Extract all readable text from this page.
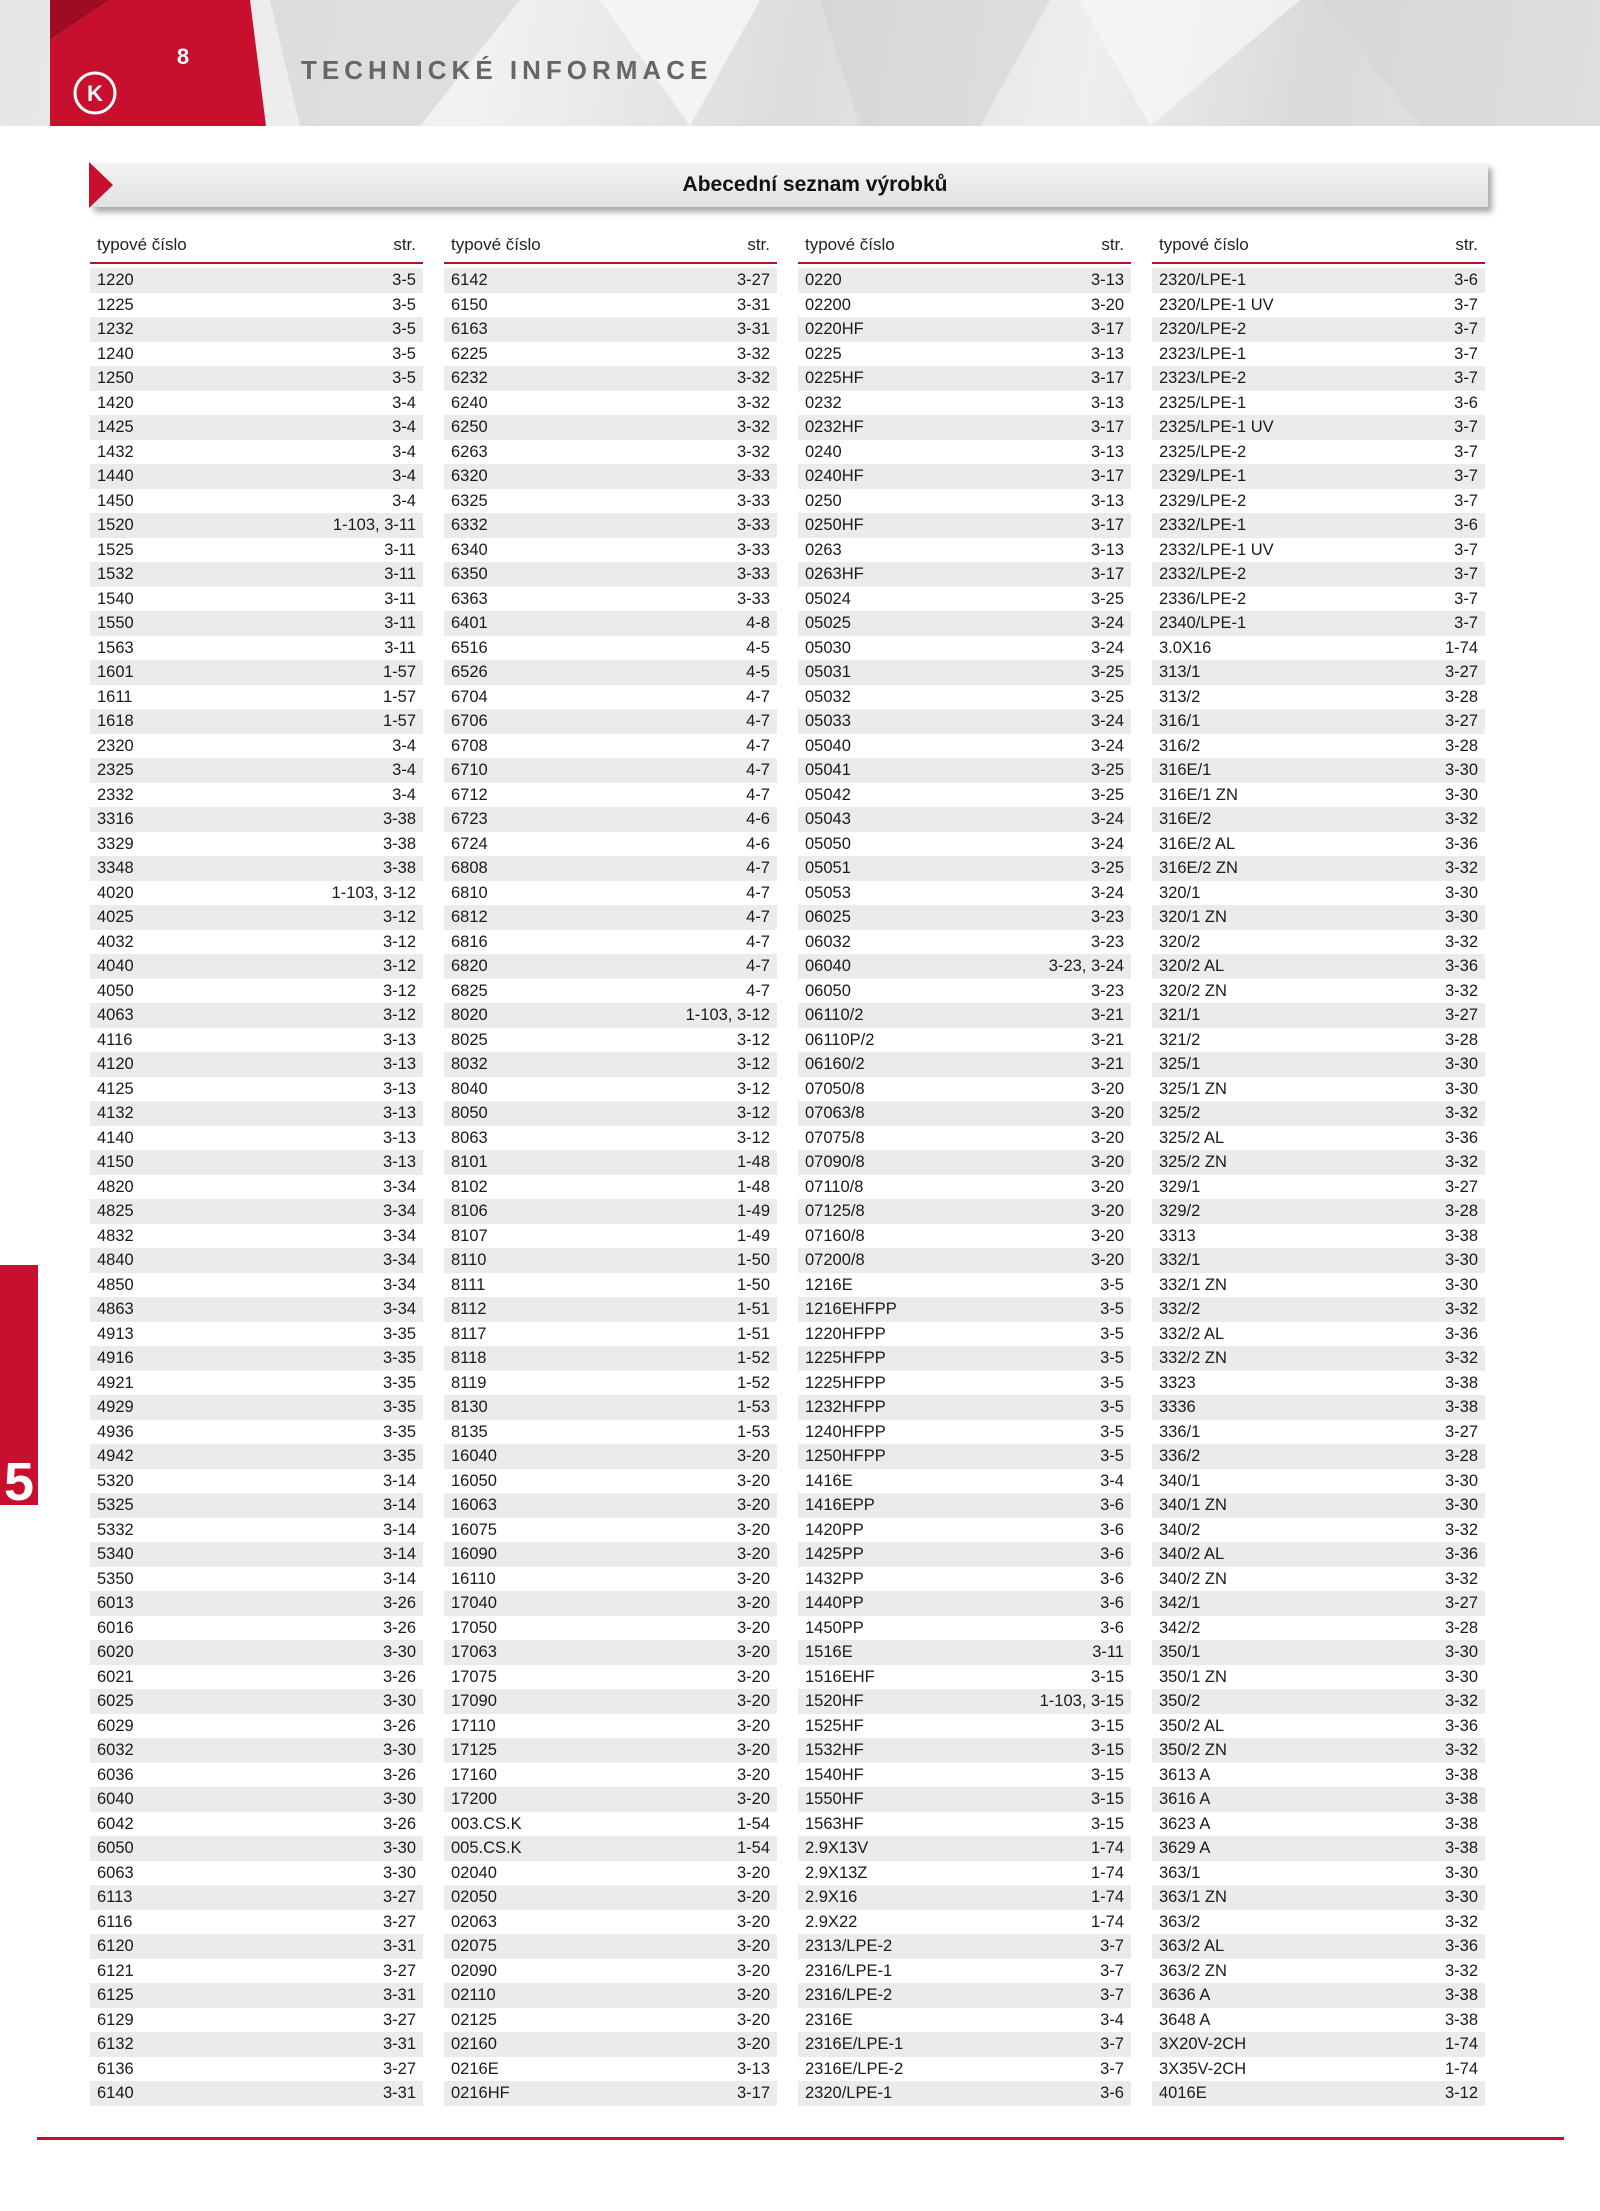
8
K
TECHNICKÉ INFORMACE
Abecední seznam výrobků
typové číslo	str.
1220	3-5
1225	3-5
1232	3-5
1240	3-5
1250	3-5
1420	3-4
1425	3-4
1432	3-4
1440	3-4
1450	3-4
1520	1-103, 3-11
1525	3-11
1532	3-11
1540	3-11
1550	3-11
1563	3-11
1601	1-57
1611	1-57
1618	1-57
2320	3-4
2325	3-4
2332	3-4
3316	3-38
3329	3-38
3348	3-38
4020	1-103, 3-12
4025	3-12
4032	3-12
4040	3-12
4050	3-12
4063	3-12
4116	3-13
4120	3-13
4125	3-13
4132	3-13
4140	3-13
4150	3-13
4820	3-34
4825	3-34
4832	3-34
4840	3-34
4850	3-34
4863	3-34
4913	3-35
4916	3-35
4921	3-35
4929	3-35
4936	3-35
4942	3-35
5320	3-14
5325	3-14
5332	3-14
5340	3-14
5350	3-14
6013	3-26
6016	3-26
6020	3-30
6021	3-26
6025	3-30
6029	3-26
6032	3-30
6036	3-26
6040	3-30
6042	3-26
6050	3-30
6063	3-30
6113	3-27
6116	3-27
6120	3-31
6121	3-27
6125	3-31
6129	3-27
6132	3-31
6136	3-27
6140	3-31
typové číslo	str.
6142	3-27
6150	3-31
6163	3-31
6225	3-32
6232	3-32
6240	3-32
6250	3-32
6263	3-32
6320	3-33
6325	3-33
6332	3-33
6340	3-33
6350	3-33
6363	3-33
6401	4-8
6516	4-5
6526	4-5
6704	4-7
6706	4-7
6708	4-7
6710	4-7
6712	4-7
6723	4-6
6724	4-6
6808	4-7
6810	4-7
6812	4-7
6816	4-7
6820	4-7
6825	4-7
8020	1-103, 3-12
8025	3-12
8032	3-12
8040	3-12
8050	3-12
8063	3-12
8101	1-48
8102	1-48
8106	1-49
8107	1-49
8110	1-50
8111	1-50
8112	1-51
8117	1-51
8118	1-52
8119	1-52
8130	1-53
8135	1-53
16040	3-20
16050	3-20
16063	3-20
16075	3-20
16090	3-20
16110	3-20
17040	3-20
17050	3-20
17063	3-20
17075	3-20
17090	3-20
17110	3-20
17125	3-20
17160	3-20
17200	3-20
003.CS.K	1-54
005.CS.K	1-54
02040	3-20
02050	3-20
02063	3-20
02075	3-20
02090	3-20
02110	3-20
02125	3-20
02160	3-20
0216E	3-13
0216HF	3-17
typové číslo	str.
0220	3-13
02200	3-20
0220HF	3-17
0225	3-13
0225HF	3-17
0232	3-13
0232HF	3-17
0240	3-13
0240HF	3-17
0250	3-13
0250HF	3-17
0263	3-13
0263HF	3-17
05024	3-25
05025	3-24
05030	3-24
05031	3-25
05032	3-25
05033	3-24
05040	3-24
05041	3-25
05042	3-25
05043	3-24
05050	3-24
05051	3-25
05053	3-24
06025	3-23
06032	3-23
06040	3-23, 3-24
06050	3-23
06110/2	3-21
06110P/2	3-21
06160/2	3-21
07050/8	3-20
07063/8	3-20
07075/8	3-20
07090/8	3-20
07110/8	3-20
07125/8	3-20
07160/8	3-20
07200/8	3-20
1216E	3-5
1216EHFPP	3-5
1220HFPP	3-5
1225HFPP	3-5
1225HFPP	3-5
1232HFPP	3-5
1240HFPP	3-5
1250HFPP	3-5
1416E	3-4
1416EPP	3-6
1420PP	3-6
1425PP	3-6
1432PP	3-6
1440PP	3-6
1450PP	3-6
1516E	3-11
1516EHF	3-15
1520HF	1-103, 3-15
1525HF	3-15
1532HF	3-15
1540HF	3-15
1550HF	3-15
1563HF	3-15
2.9X13V	1-74
2.9X13Z	1-74
2.9X16	1-74
2.9X22	1-74
2313/LPE-2	3-7
2316/LPE-1	3-7
2316/LPE-2	3-7
2316E	3-4
2316E/LPE-1	3-7
2316E/LPE-2	3-7
2320/LPE-1	3-6
typové číslo	str.
2320/LPE-1	3-6
2320/LPE-1 UV	3-7
2320/LPE-2	3-7
2323/LPE-1	3-7
2323/LPE-2	3-7
2325/LPE-1	3-6
2325/LPE-1 UV	3-7
2325/LPE-2	3-7
2329/LPE-1	3-7
2329/LPE-2	3-7
2332/LPE-1	3-6
2332/LPE-1 UV	3-7
2332/LPE-2	3-7
2336/LPE-2	3-7
2340/LPE-1	3-7
3.0X16	1-74
313/1	3-27
313/2	3-28
316/1	3-27
316/2	3-28
316E/1	3-30
316E/1 ZN	3-30
316E/2	3-32
316E/2 AL	3-36
316E/2 ZN	3-32
320/1	3-30
320/1 ZN	3-30
320/2	3-32
320/2 AL	3-36
320/2 ZN	3-32
321/1	3-27
321/2	3-28
325/1	3-30
325/1 ZN	3-30
325/2	3-32
325/2 AL	3-36
325/2 ZN	3-32
329/1	3-27
329/2	3-28
3313	3-38
332/1	3-30
332/1 ZN	3-30
332/2	3-32
332/2 AL	3-36
332/2 ZN	3-32
3323	3-38
3336	3-38
336/1	3-27
336/2	3-28
340/1	3-30
340/1 ZN	3-30
340/2	3-32
340/2 AL	3-36
340/2 ZN	3-32
342/1	3-27
342/2	3-28
350/1	3-30
350/1 ZN	3-30
350/2	3-32
350/2 AL	3-36
350/2 ZN	3-32
3613 A	3-38
3616 A	3-38
3623 A	3-38
3629 A	3-38
363/1	3-30
363/1 ZN	3-30
363/2	3-32
363/2 AL	3-36
363/2 ZN	3-32
3636 A	3-38
3648 A	3-38
3X20V-2CH	1-74
3X35V-2CH	1-74
4016E	3-12
5
